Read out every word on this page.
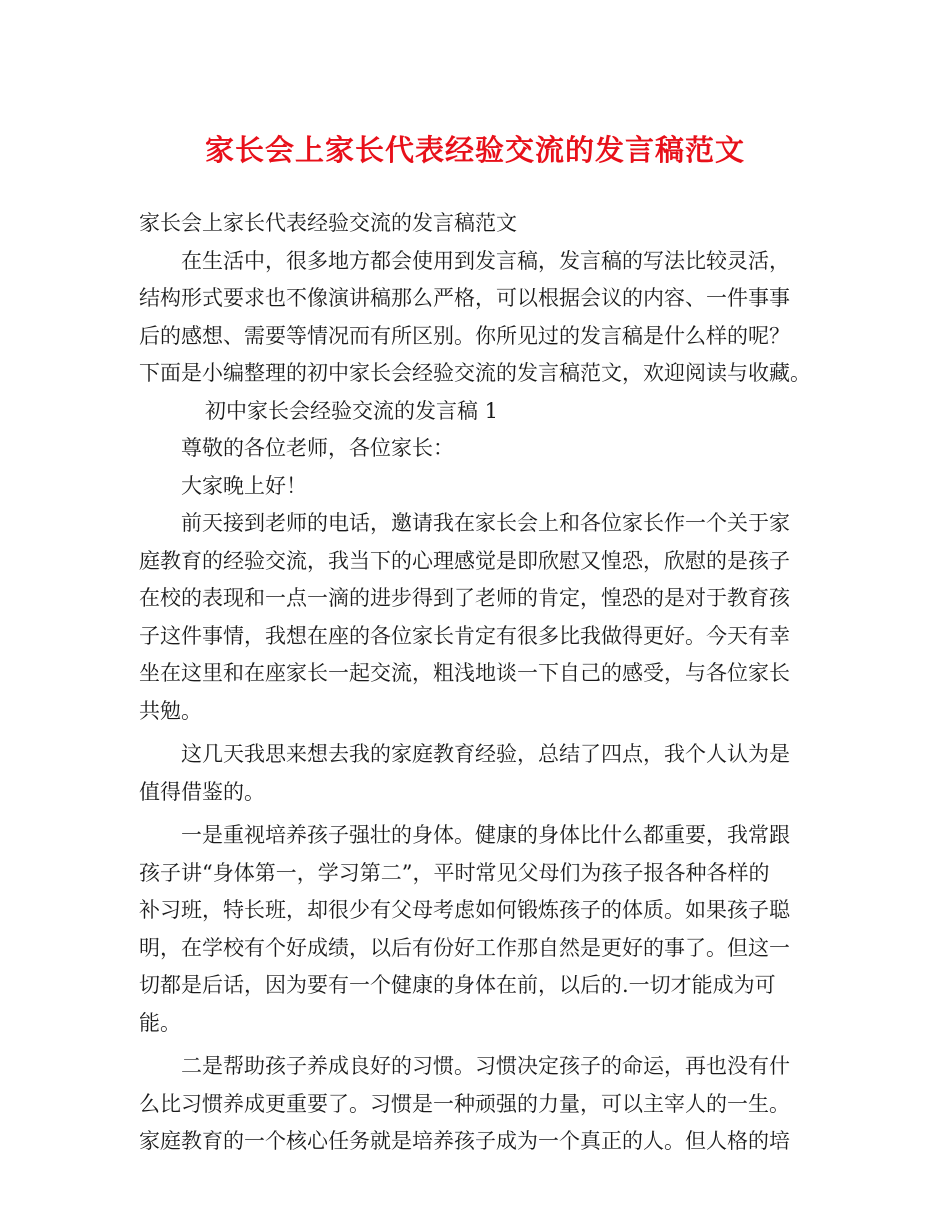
家长会上家长代表经验交流的发言稿范文
家长会上家长代表经验交流的发言稿范文
在生活中，很多地方都会使用到发言稿，发言稿的写法比较灵活，
结构形式要求也不像演讲稿那么严格，可以根据会议的内容、一件事事
后的感想、需要等情况而有所区别。你所见过的发言稿是什么样的呢？
下面是小编整理的初中家长会经验交流的发言稿范文，欢迎阅读与收藏。
初中家长会经验交流的发言稿 1
尊敬的各位老师，各位家长：
大家晚上好！
前天接到老师的电话，邀请我在家长会上和各位家长作一个关于家
庭教育的经验交流，我当下的心理感觉是即欣慰又惶恐，欣慰的是孩子
在校的表现和一点一滴的进步得到了老师的肯定，惶恐的是对于教育孩
子这件事情，我想在座的各位家长肯定有很多比我做得更好。今天有幸
坐在这里和在座家长一起交流，粗浅地谈一下自己的感受，与各位家长
共勉。
这几天我思来想去我的家庭教育经验，总结了四点，我个人认为是
值得借鉴的。
一是重视培养孩子强壮的身体。健康的身体比什么都重要，我常跟
孩子讲“身体第一，学习第二”，平时常见父母们为孩子报各种各样的
补习班，特长班，却很少有父母考虑如何锻炼孩子的体质。如果孩子聪
明，在学校有个好成绩，以后有份好工作那自然是更好的事了。但这一
切都是后话，因为要有一个健康的身体在前，以后的.一切才能成为可
能。
二是帮助孩子养成良好的习惯。习惯决定孩子的命运，再也没有什
么比习惯养成更重要了。习惯是一种顽强的力量，可以主宰人的一生。
家庭教育的一个核心任务就是培养孩子成为一个真正的人。但人格的培
